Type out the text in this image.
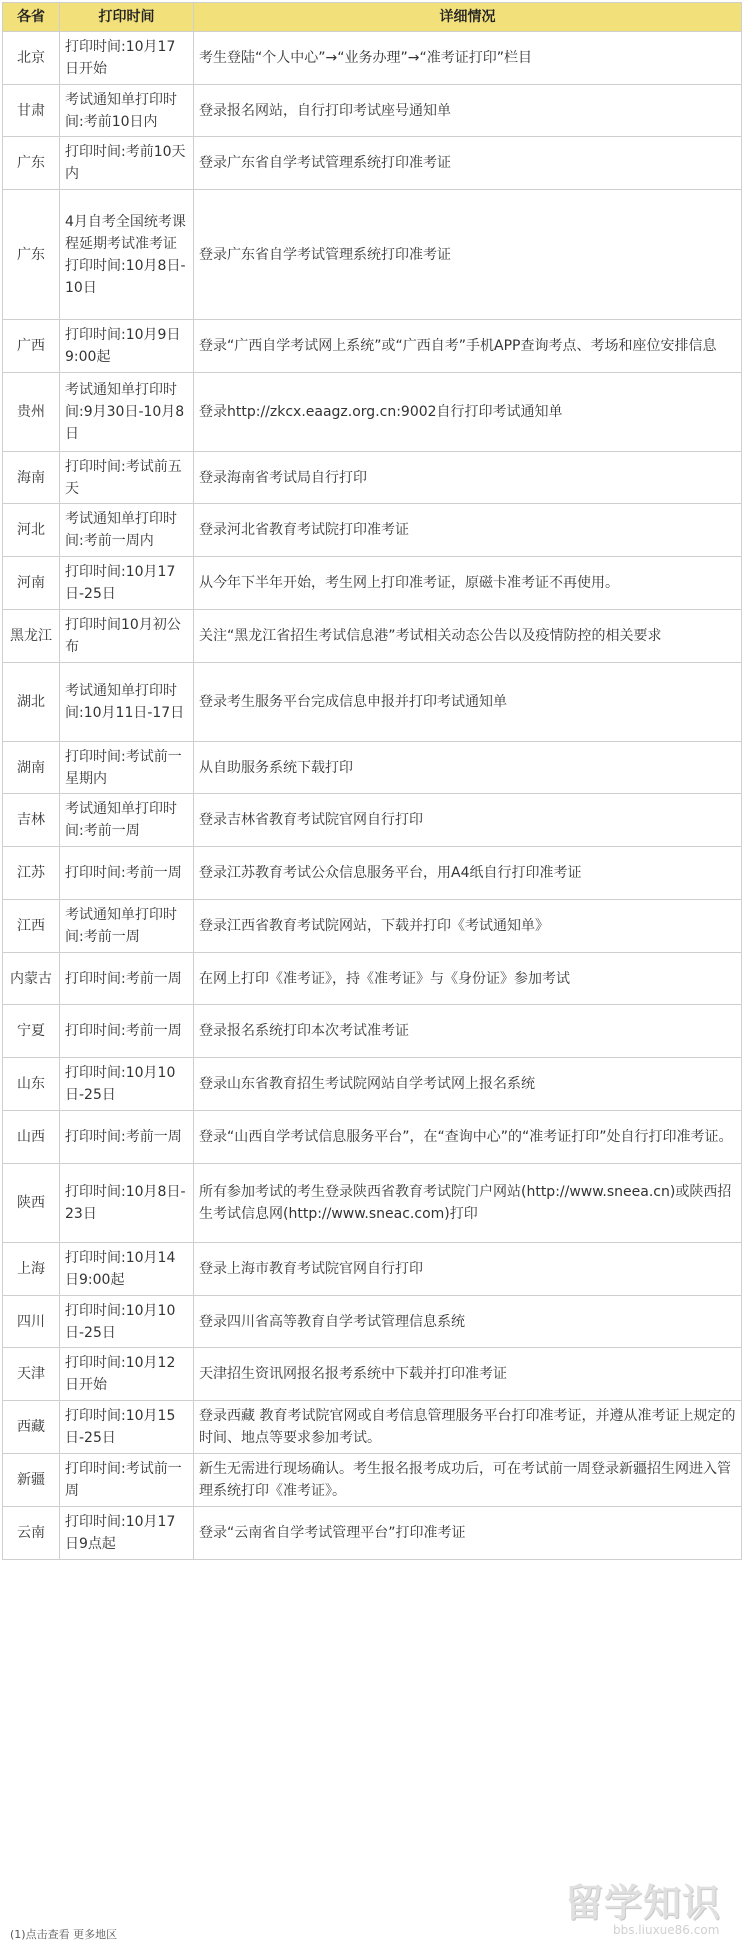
各省	打印时间	详细情况
北京	打印时间:10月17日开始	考生登陆“个人中心”→“业务办理”→“准考证打印”栏目
甘肃	考试通知单打印时间:考前10日内	登录报名网站，自行打印考试座号通知单
广东	打印时间:考前10天内	登录广东省自学考试管理系统打印准考证
广东	4月自考全国统考课程延期考试准考证打印时间:10月8日-10日	登录广东省自学考试管理系统打印准考证
广西	打印时间:10月9日9:00起	登录“广西自学考试网上系统”或“广西自考”手机APP查询考点、考场和座位安排信息
贵州	考试通知单打印时间:9月30日-10月8日	登录http://zkcx.eaagz.org.cn:9002自行打印考试通知单
海南	打印时间:考试前五天	登录海南省考试局自行打印
河北	考试通知单打印时间:考前一周内	登录河北省教育考试院打印准考证
河南	打印时间:10月17日-25日	从今年下半年开始，考生网上打印准考证，原磁卡准考证不再使用。
黑龙江	打印时间10月初公布	关注“黑龙江省招生考试信息港”考试相关动态公告以及疫情防控的相关要求
湖北	考试通知单打印时间:10月11日-17日	登录考生服务平台完成信息申报并打印考试通知单
湖南	打印时间:考试前一星期内	从自助服务系统下载打印
吉林	考试通知单打印时间:考前一周	登录吉林省教育考试院官网自行打印
江苏	打印时间:考前一周	登录江苏教育考试公众信息服务平台，用A4纸自行打印准考证
江西	考试通知单打印时间:考前一周	登录江西省教育考试院网站，下载并打印《考试通知单》
内蒙古	打印时间:考前一周	在网上打印《准考证》，持《准考证》与《身份证》参加考试
宁夏	打印时间:考前一周	登录报名系统打印本次考试准考证
山东	打印时间:10月10日-25日	登录山东省教育招生考试院网站自学考试网上报名系统
山西	打印时间:考前一周	登录“山西自学考试信息服务平台”，在“查询中心”的“准考证打印”处自行打印准考证。
陕西	打印时间:10月8日-23日	所有参加考试的考生登录陕西省教育考试院门户网站(http://www.sneea.cn)或陕西招生考试信息网(http://www.sneac.com)打印
上海	打印时间:10月14日9:00起	登录上海市教育考试院官网自行打印
四川	打印时间:10月10日-25日	登录四川省高等教育自学考试管理信息系统
天津	打印时间:10月12日开始	天津招生资讯网报名报考系统中下载并打印准考证
西藏	打印时间:10月15日-25日	登录西藏 教育考试院官网或自考信息管理服务平台打印准考证，并遵从准考证上规定的时间、地点等要求参加考试。
新疆	打印时间:考试前一周	新生无需进行现场确认。考生报名报考成功后，可在考试前一周登录新疆招生网进入管理系统打印《准考证》。
云南	打印时间:10月17日9点起	登录“云南省自学考试管理平台”打印准考证
(1)点击查看 更多地区
留学知识
bbs.liuxue86.com
